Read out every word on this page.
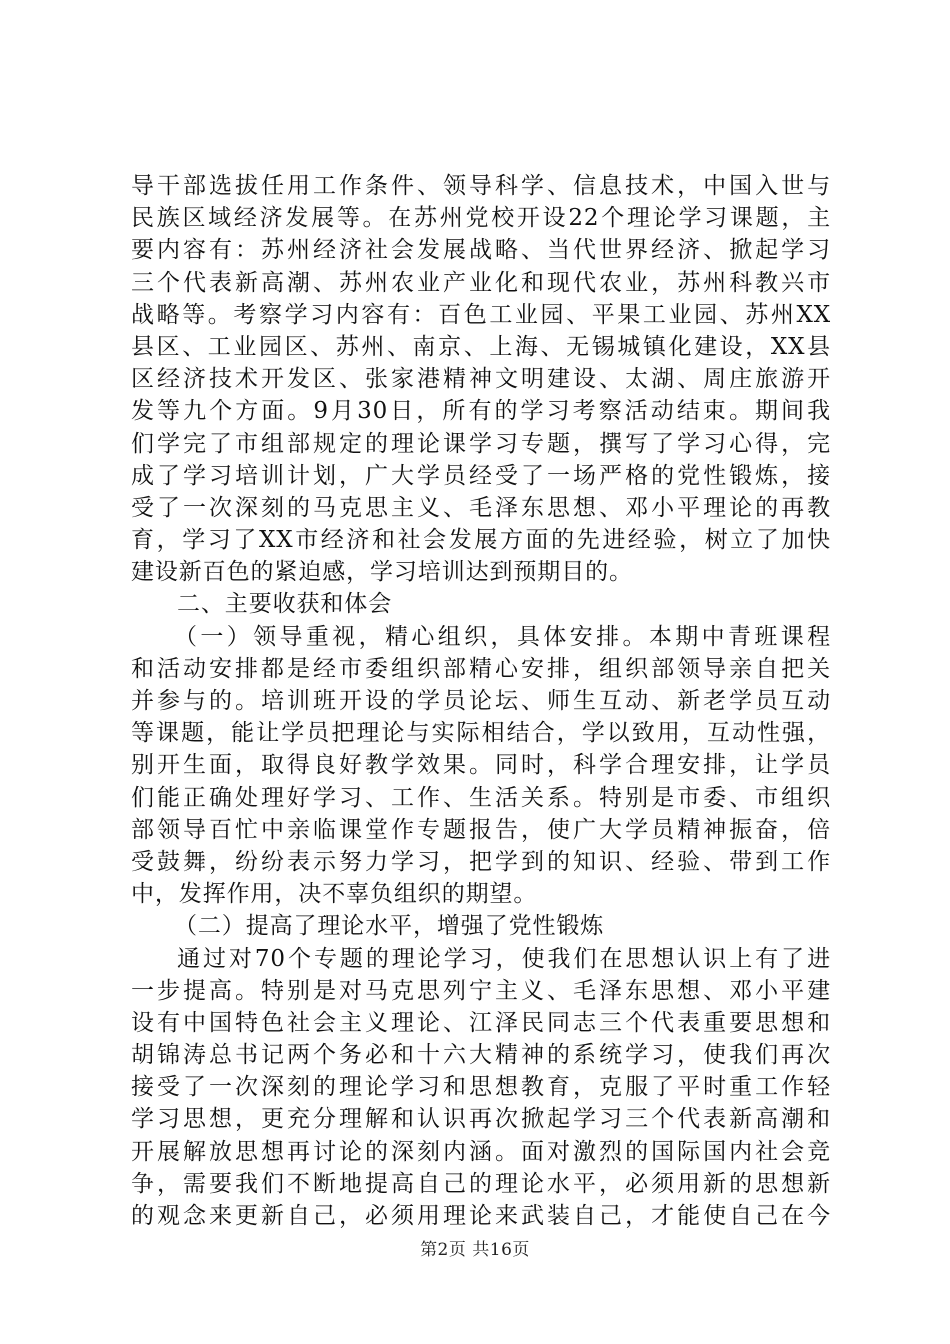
导干部选拔任用工作条件、领导科学、信息技术，中国入世与
民族区域经济发展等。在苏州党校开设22个理论学习课题，主
要内容有：苏州经济社会发展战略、当代世界经济、掀起学习
三个代表新高潮、苏州农业产业化和现代农业，苏州科教兴市
战略等。考察学习内容有：百色工业园、平果工业园、苏州XX
县区、工业园区、苏州、南京、上海、无锡城镇化建设，XX县
区经济技术开发区、张家港精神文明建设、太湖、周庄旅游开
发等九个方面。9月30日，所有的学习考察活动结束。期间我
们学完了市组部规定的理论课学习专题，撰写了学习心得，完
成了学习培训计划，广大学员经受了一场严格的党性锻炼，接
受了一次深刻的马克思主义、毛泽东思想、邓小平理论的再教
育，学习了XX市经济和社会发展方面的先进经验，树立了加快
建设新百色的紧迫感，学习培训达到预期目的。
二、主要收获和体会
（一）领导重视，精心组织，具体安排。本期中青班课程
和活动安排都是经市委组织部精心安排，组织部领导亲自把关
并参与的。培训班开设的学员论坛、师生互动、新老学员互动
等课题，能让学员把理论与实际相结合，学以致用，互动性强，
别开生面，取得良好教学效果。同时，科学合理安排，让学员
们能正确处理好学习、工作、生活关系。特别是市委、市组织
部领导百忙中亲临课堂作专题报告，使广大学员精神振奋，倍
受鼓舞，纷纷表示努力学习，把学到的知识、经验、带到工作
中，发挥作用，决不辜负组织的期望。
（二）提高了理论水平，增强了党性锻炼
通过对70个专题的理论学习，使我们在思想认识上有了进
一步提高。特别是对马克思列宁主义、毛泽东思想、邓小平建
设有中国特色社会主义理论、江泽民同志三个代表重要思想和
胡锦涛总书记两个务必和十六大精神的系统学习，使我们再次
接受了一次深刻的理论学习和思想教育，克服了平时重工作轻
学习思想，更充分理解和认识再次掀起学习三个代表新高潮和
开展解放思想再讨论的深刻内涵。面对激烈的国际国内社会竞
争，需要我们不断地提高自己的理论水平，必须用新的思想新
的观念来更新自己，必须用理论来武装自己，才能使自己在今
第2页 共16页
